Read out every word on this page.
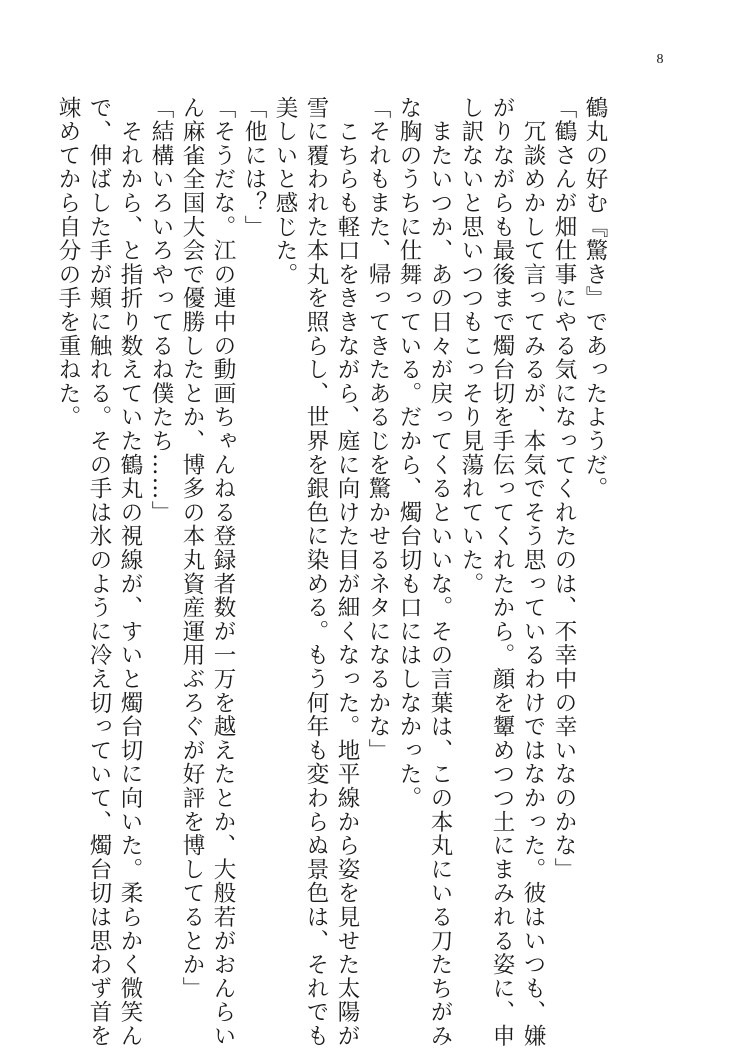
8
鶴丸の好む『驚き』であったようだ。
「鶴さんが畑仕事にやる気になってくれたのは、不幸中の幸いなのかな」
　冗談めかして言ってみるが、本気でそう思っているわけではなかった。彼はいつも、嫌
がりながらも最後まで燭台切を手伝ってくれたから。顔を顰めつつ土にまみれる姿に、申
し訳ないと思いつつもこっそり見蕩れていた。
　またいつか、あの日々が戻ってくるといいな。その言葉は、この本丸にいる刀たちがみ
な胸のうちに仕舞っている。だから、燭台切も口にはしなかった。
「それもまた、帰ってきたあるじを驚かせるネタになるかな」
　こちらも軽口をききながら、庭に向けた目が細くなった。地平線から姿を見せた太陽が
雪に覆われた本丸を照らし、世界を銀色に染める。もう何年も変わらぬ景色は、それでも
美しいと感じた。
「他には？」
「そうだな。江の連中の動画ちゃんねる登録者数が一万を越えたとか、大般若がおんらい
ん麻雀全国大会で優勝したとか、博多の本丸資産運用ぶろぐが好評を博してるとか」
「結構いろいろやってるね僕たち……」
　それから、と指折り数えていた鶴丸の視線が、すいと燭台切に向いた。柔らかく微笑ん
で、伸ばした手が頬に触れる。その手は氷のように冷え切っていて、燭台切は思わず首を
竦めてから自分の手を重ねた。
